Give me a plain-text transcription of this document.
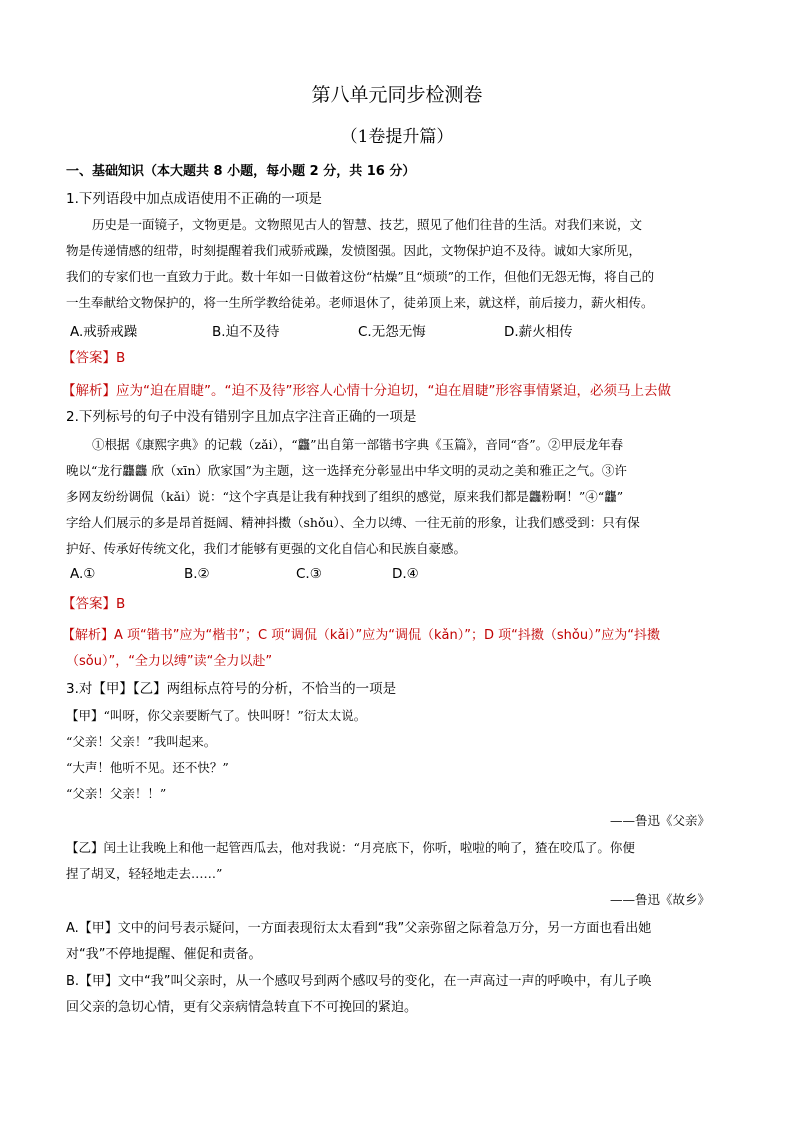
第八单元同步检测卷
（1卷提升篇）
一、基础知识（本大题共 8 小题，每小题 2 分，共 16 分）
1.下列语段中加点成语使用不正确的一项是
历史是一面镜子，文物更是。文物照见古人的智慧、技艺，照见了他们往昔的生活。对我们来说，文
物是传递情感的纽带，时刻提醒着我们戒骄戒躁，发愤图强。因此，文物保护迫不及待。诚如大家所见，
我们的专家们也一直致力于此。数十年如一日做着这份“枯燥”且“烦琐”的工作，但他们无怨无悔，将自己的
一生奉献给文物保护的，将一生所学教给徒弟。老师退休了，徒弟顶上来，就这样，前后接力，薪火相传。
A.戒骄戒躁	B.迫不及待	C.无怨无悔	D.薪火相传
【答案】B
【解析】应为“迫在眉睫”。“迫不及待”形容人心情十分迫切，“迫在眉睫”形容事情紧迫，必须马上去做
2.下列标号的句子中没有错别字且加点字注音正确的一项是
①根据《康熙字典》的记载（zǎi），“龘”出自第一部锴书字典《玉篇》，音同“沓”。②甲辰龙年春
晚以“龙行龘龘 欣（xīn）欣家国”为主题，这一选择充分彰显出中华文明的灵动之美和雅正之气。③许
多网友纷纷调侃（kǎi）说：“这个字真是让我有种找到了组织的感觉，原来我们都是龘粉啊！”④“龘”
字给人们展示的多是昂首挺阔、精神抖擞（shǒu）、全力以缚、一往无前的形象，让我们感受到：只有保
护好、传承好传统文化，我们才能够有更强的文化自信心和民族自豪感。
A.①	B.②	C.③	D.④
【答案】B
【解析】A 项“锴书”应为“楷书”；C 项“调侃（kǎi）”应为“调侃（kǎn）”；D 项“抖擞（shǒu）”应为“抖擞
（sǒu）”，“全力以缚”读“全力以赴”
3.对【甲】【乙】两组标点符号的分析，不恰当的一项是
【甲】“叫呀，你父亲要断气了。快叫呀！”衍太太说。
“父亲！父亲！”我叫起来。
“大声！他听不见。还不快？”
“父亲！父亲！！”
——鲁迅《父亲》
【乙】闰土让我晚上和他一起管西瓜去，他对我说：“月亮底下，你听，啦啦的响了，猹在咬瓜了。你便
捏了胡叉，轻轻地走去……”
——鲁迅《故乡》
A.【甲】文中的问号表示疑问，一方面表现衍太太看到“我”父亲弥留之际着急万分，另一方面也看出她
对“我”不停地提醒、催促和责备。
B.【甲】文中“我”叫父亲时，从一个感叹号到两个感叹号的变化，在一声高过一声的呼唤中，有儿子唤
回父亲的急切心情，更有父亲病情急转直下不可挽回的紧迫。
